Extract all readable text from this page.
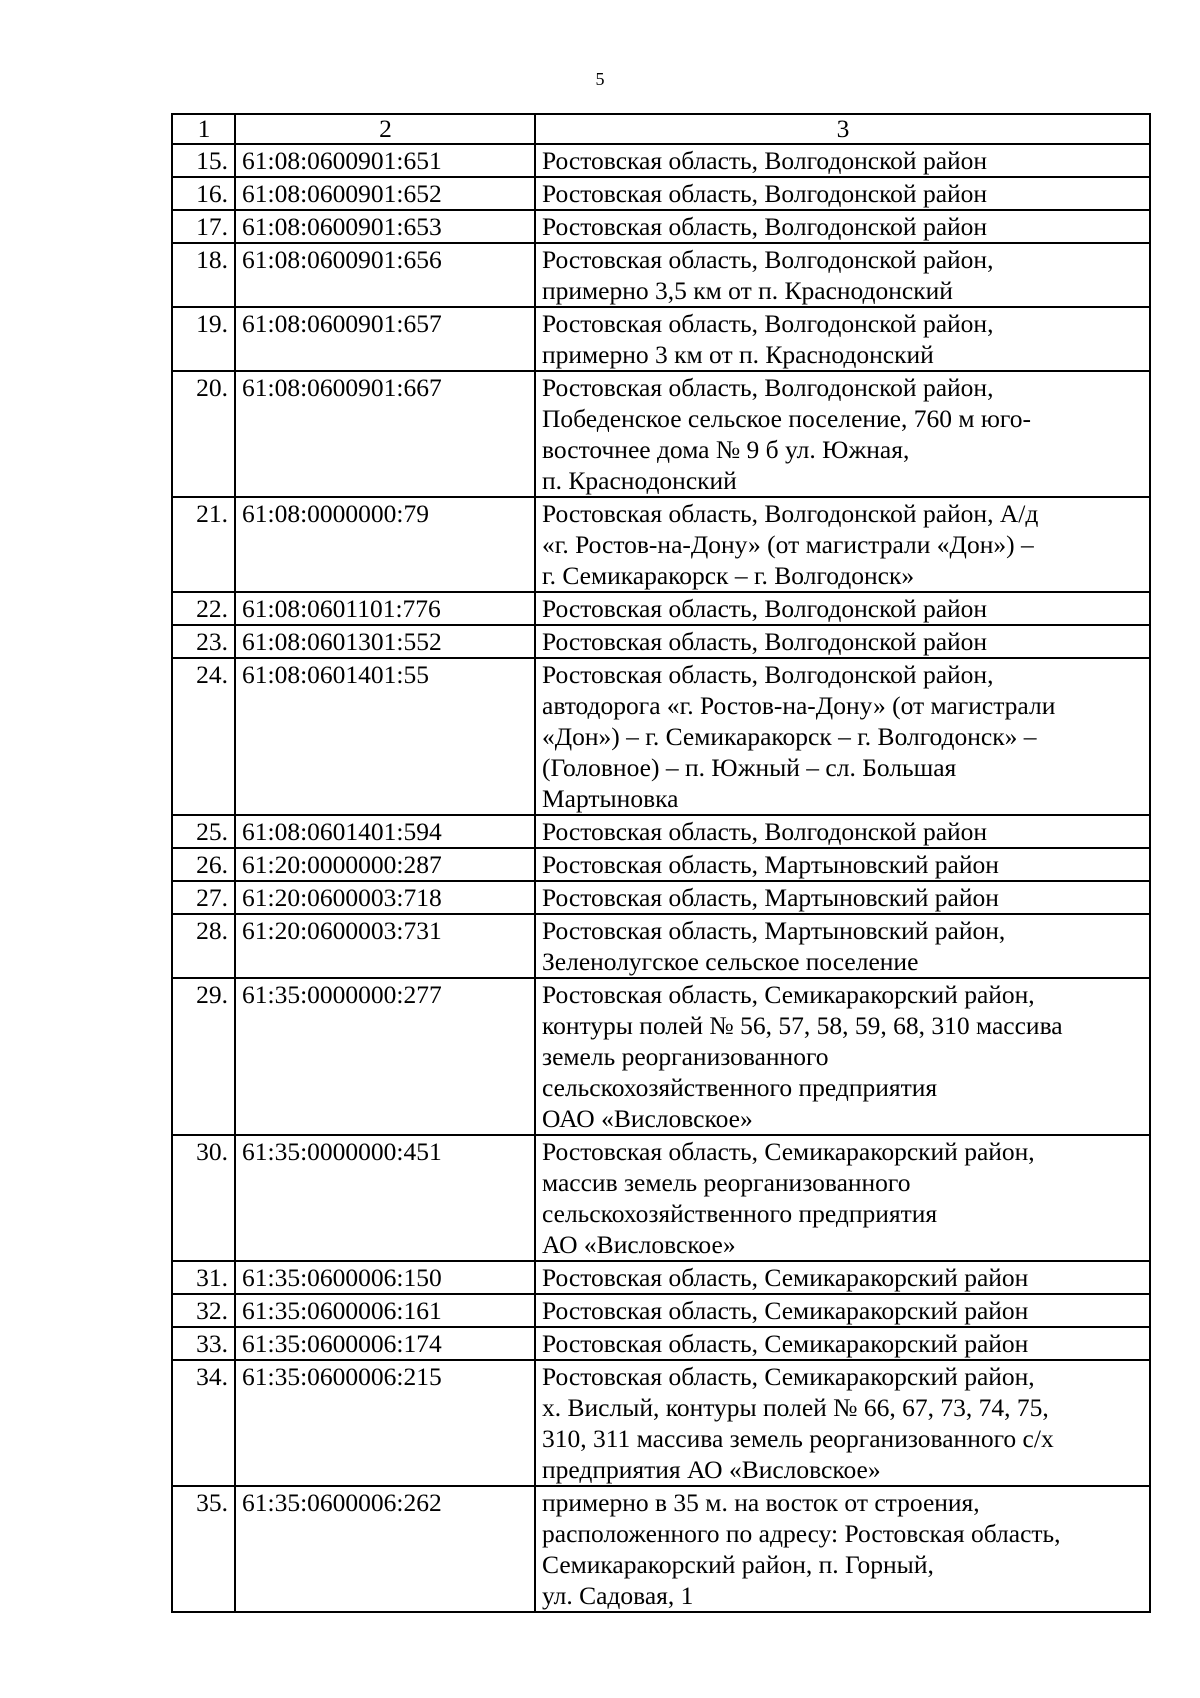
5
1	2	3
15.	61:08:0600901:651	Ростовская область, Волгодонской район

16.	61:08:0600901:652	Ростовская область, Волгодонской район

17.	61:08:0600901:653	Ростовская область, Волгодонской район

18.	61:08:0600901:656	Ростовская область, Волгодонской район,
примерно 3,5 км от п. Краснодонский

19.	61:08:0600901:657	Ростовская область, Волгодонской район,
примерно 3 км от п. Краснодонский

20.	61:08:0600901:667	Ростовская область, Волгодонской район,
Победенское сельское поселение, 760 м юго-
восточнее дома № 9 б ул. Южная,
п. Краснодонский

21.	61:08:0000000:79	Ростовская область, Волгодонской район, А/д
«г. Ростов-на-Дону» (от магистрали «Дон») –
г. Семикаракорск – г. Волгодонск»

22.	61:08:0601101:776	Ростовская область, Волгодонской район

23.	61:08:0601301:552	Ростовская область, Волгодонской район

24.	61:08:0601401:55	Ростовская область, Волгодонской район,
автодорога «г. Ростов-на-Дону» (от магистрали
«Дон») – г. Семикаракорск – г. Волгодонск» –
(Головное) – п. Южный – сл. Большая
Мартыновка

25.	61:08:0601401:594	Ростовская область, Волгодонской район

26.	61:20:0000000:287	Ростовская область, Мартыновский район

27.	61:20:0600003:718	Ростовская область, Мартыновский район

28.	61:20:0600003:731	Ростовская область, Мартыновский район,
Зеленолугское сельское поселение

29.	61:35:0000000:277	Ростовская область, Семикаракорский район,
контуры полей № 56, 57, 58, 59, 68, 310 массива
земель реорганизованного
сельскохозяйственного предприятия
ОАО «Висловское»

30.	61:35:0000000:451	Ростовская область, Семикаракорский район,
массив земель реорганизованного
сельскохозяйственного предприятия
АО «Висловское»

31.	61:35:0600006:150	Ростовская область, Семикаракорский район

32.	61:35:0600006:161	Ростовская область, Семикаракорский район

33.	61:35:0600006:174	Ростовская область, Семикаракорский район

34.	61:35:0600006:215	Ростовская область, Семикаракорский район,
х. Вислый, контуры полей № 66, 67, 73, 74, 75,
310, 311 массива земель реорганизованного с/х
предприятия АО «Висловское»

35.	61:35:0600006:262	примерно в 35 м. на восток от строения,
расположенного по адресу: Ростовская область,
Семикаракорский район, п. Горный,
ул. Садовая, 1
